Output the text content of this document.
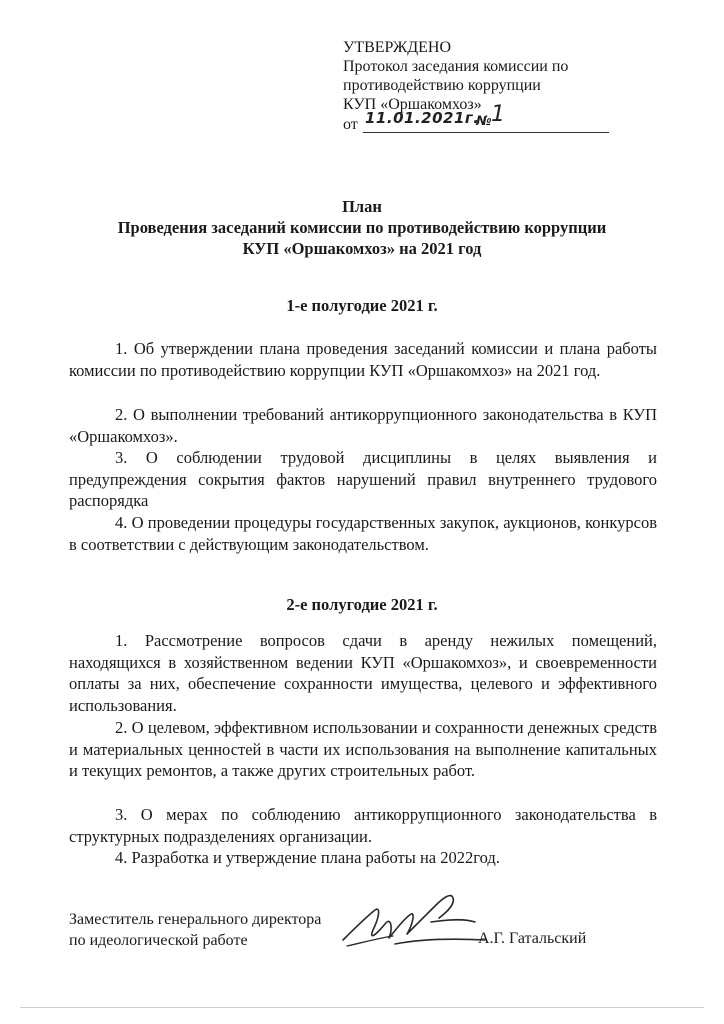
УТВЕРЖДЕНО
Протокол заседания комиссии по
противодействию коррупции
КУП «Оршакомхоз»
от 11.01.2021г.
№
1
План
Проведения заседаний комиссии по противодействию коррупции
КУП «Оршакомхоз» на 2021 год
1-е полугодие 2021 г.
1. Об утверждении плана проведения заседаний комиссии и плана работы комиссии по противодействию коррупции КУП «Оршакомхоз» на 2021 год.
2. О выполнении требований антикоррупционного законодательства в КУП «Оршакомхоз».
3. О соблюдении трудовой дисциплины в целях выявления и предупреждения сокрытия фактов нарушений правил внутреннего трудового распорядка
4. О проведении процедуры государственных закупок, аукционов, конкурсов в соответствии с действующим законодательством.
2-е полугодие 2021 г.
1. Рассмотрение вопросов сдачи в аренду нежилых помещений, находящихся в хозяйственном ведении КУП «Оршакомхоз», и своевременности оплаты за них, обеспечение сохранности имущества, целевого и эффективного использования.
2. О целевом, эффективном использовании и сохранности денежных средств и материальных ценностей в части их использования на выполнение капитальных и текущих ремонтов, а также других строительных работ.
3. О мерах по соблюдению антикоррупционного законодательства в структурных подразделениях организации.
4. Разработка и утверждение плана работы на 2022год.
Заместитель генерального директора
по идеологической работе	А.Г. Гатальский
